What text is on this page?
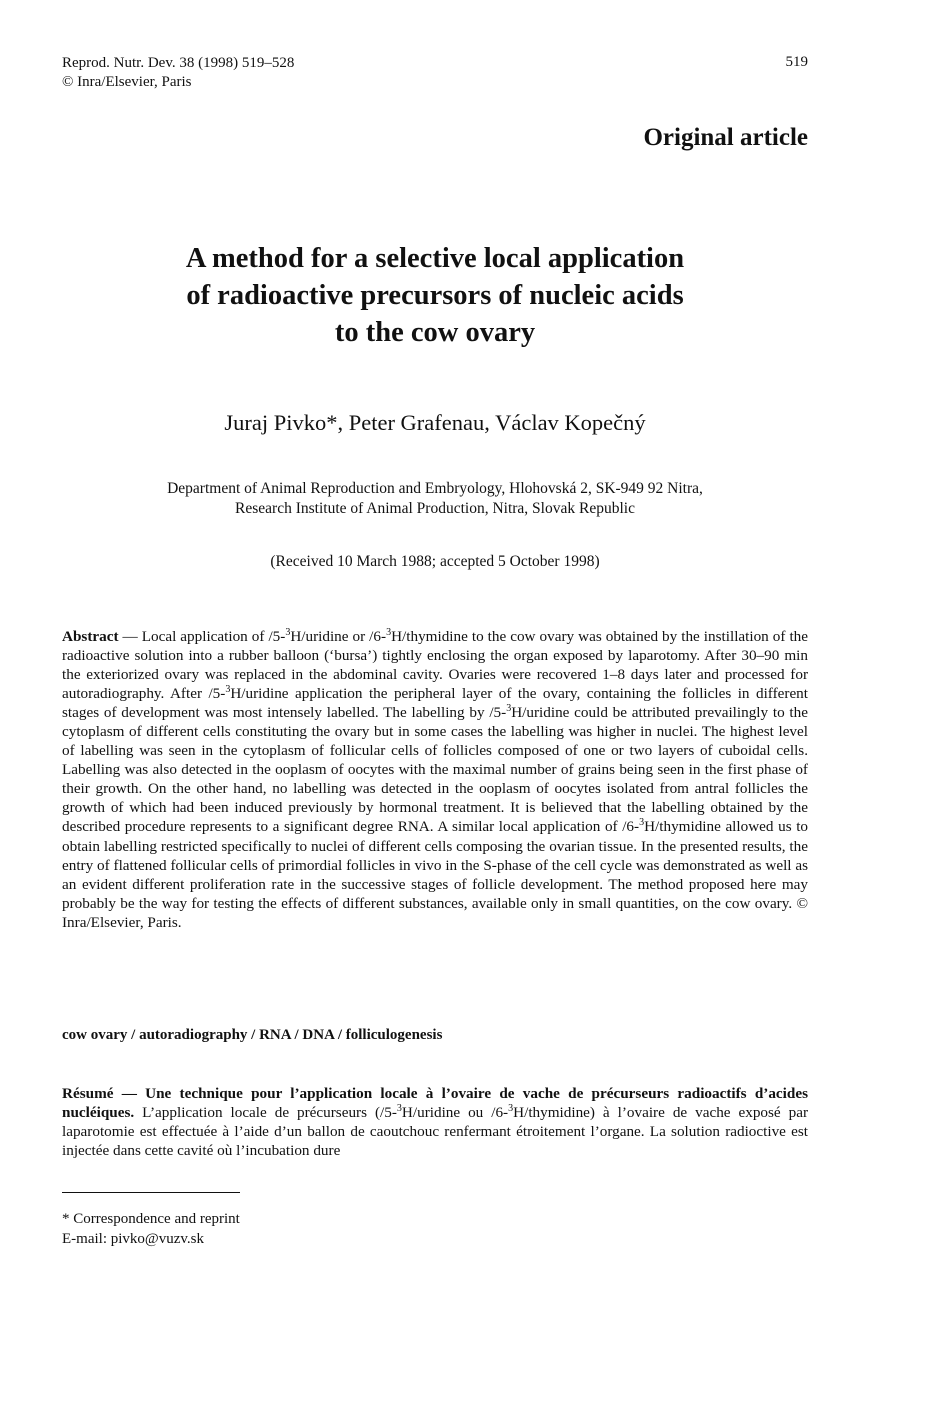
Reprod. Nutr. Dev. 38 (1998) 519–528
© Inra/Elsevier, Paris
519
Original article
A method for a selective local application
of radioactive precursors of nucleic acids
to the cow ovary
Juraj Pivko*, Peter Grafenau, Václav Kopečný
Department of Animal Reproduction and Embryology, Hlohovská 2, SK-949 92 Nitra,
Research Institute of Animal Production, Nitra, Slovak Republic
(Received 10 March 1988; accepted 5 October 1998)
Abstract — Local application of /5-$^3$H/uridine or /6-$^3$H/thymidine to the cow ovary was obtained by the instillation of the radioactive solution into a rubber balloon (‘bursa’) tightly enclosing the organ exposed by laparotomy. After 30–90 min the exteriorized ovary was replaced in the abdominal cavity. Ovaries were recovered 1–8 days later and processed for autoradiography. After /5-$^3$H/uridine application the peripheral layer of the ovary, containing the follicles in different stages of development was most intensely labelled. The labelling by /5-$^3$H/uridine could be attributed prevailingly to the cytoplasm of different cells constituting the ovary but in some cases the labelling was higher in nuclei. The highest level of labelling was seen in the cytoplasm of follicular cells of follicles composed of one or two layers of cuboidal cells. Labelling was also detected in the ooplasm of oocytes with the maximal number of grains being seen in the first phase of their growth. On the other hand, no labelling was detected in the ooplasm of oocytes isolated from antral follicles the growth of which had been induced previously by hormonal treatment. It is believed that the labelling obtained by the described procedure represents to a significant degree RNA. A similar local application of /6-$^3$H/thymidine allowed us to obtain labelling restricted specifically to nuclei of different cells composing the ovarian tissue. In the presented results, the entry of flattened follicular cells of primordial follicles in vivo in the S-phase of the cell cycle was demonstrated as well as an evident different proliferation rate in the successive stages of follicle development. The method proposed here may probably be the way for testing the effects of different substances, available only in small quantities, on the cow ovary. © Inra/Elsevier, Paris.
cow ovary / autoradiography / RNA / DNA / folliculogenesis
Résumé — Une technique pour l’application locale à l’ovaire de vache de précurseurs radioactifs d’acides nucléiques. L’application locale de précurseurs (/5-$^3$H/uridine ou /6-$^3$H/thymidine) à l’ovaire de vache exposé par laparotomie est effectuée à l’aide d’un ballon de caoutchouc renfermant étroitement l’organe. La solution radioctive est injectée dans cette cavité où l’incubation dure
* Correspondence and reprint
E-mail: pivko@vuzv.sk
